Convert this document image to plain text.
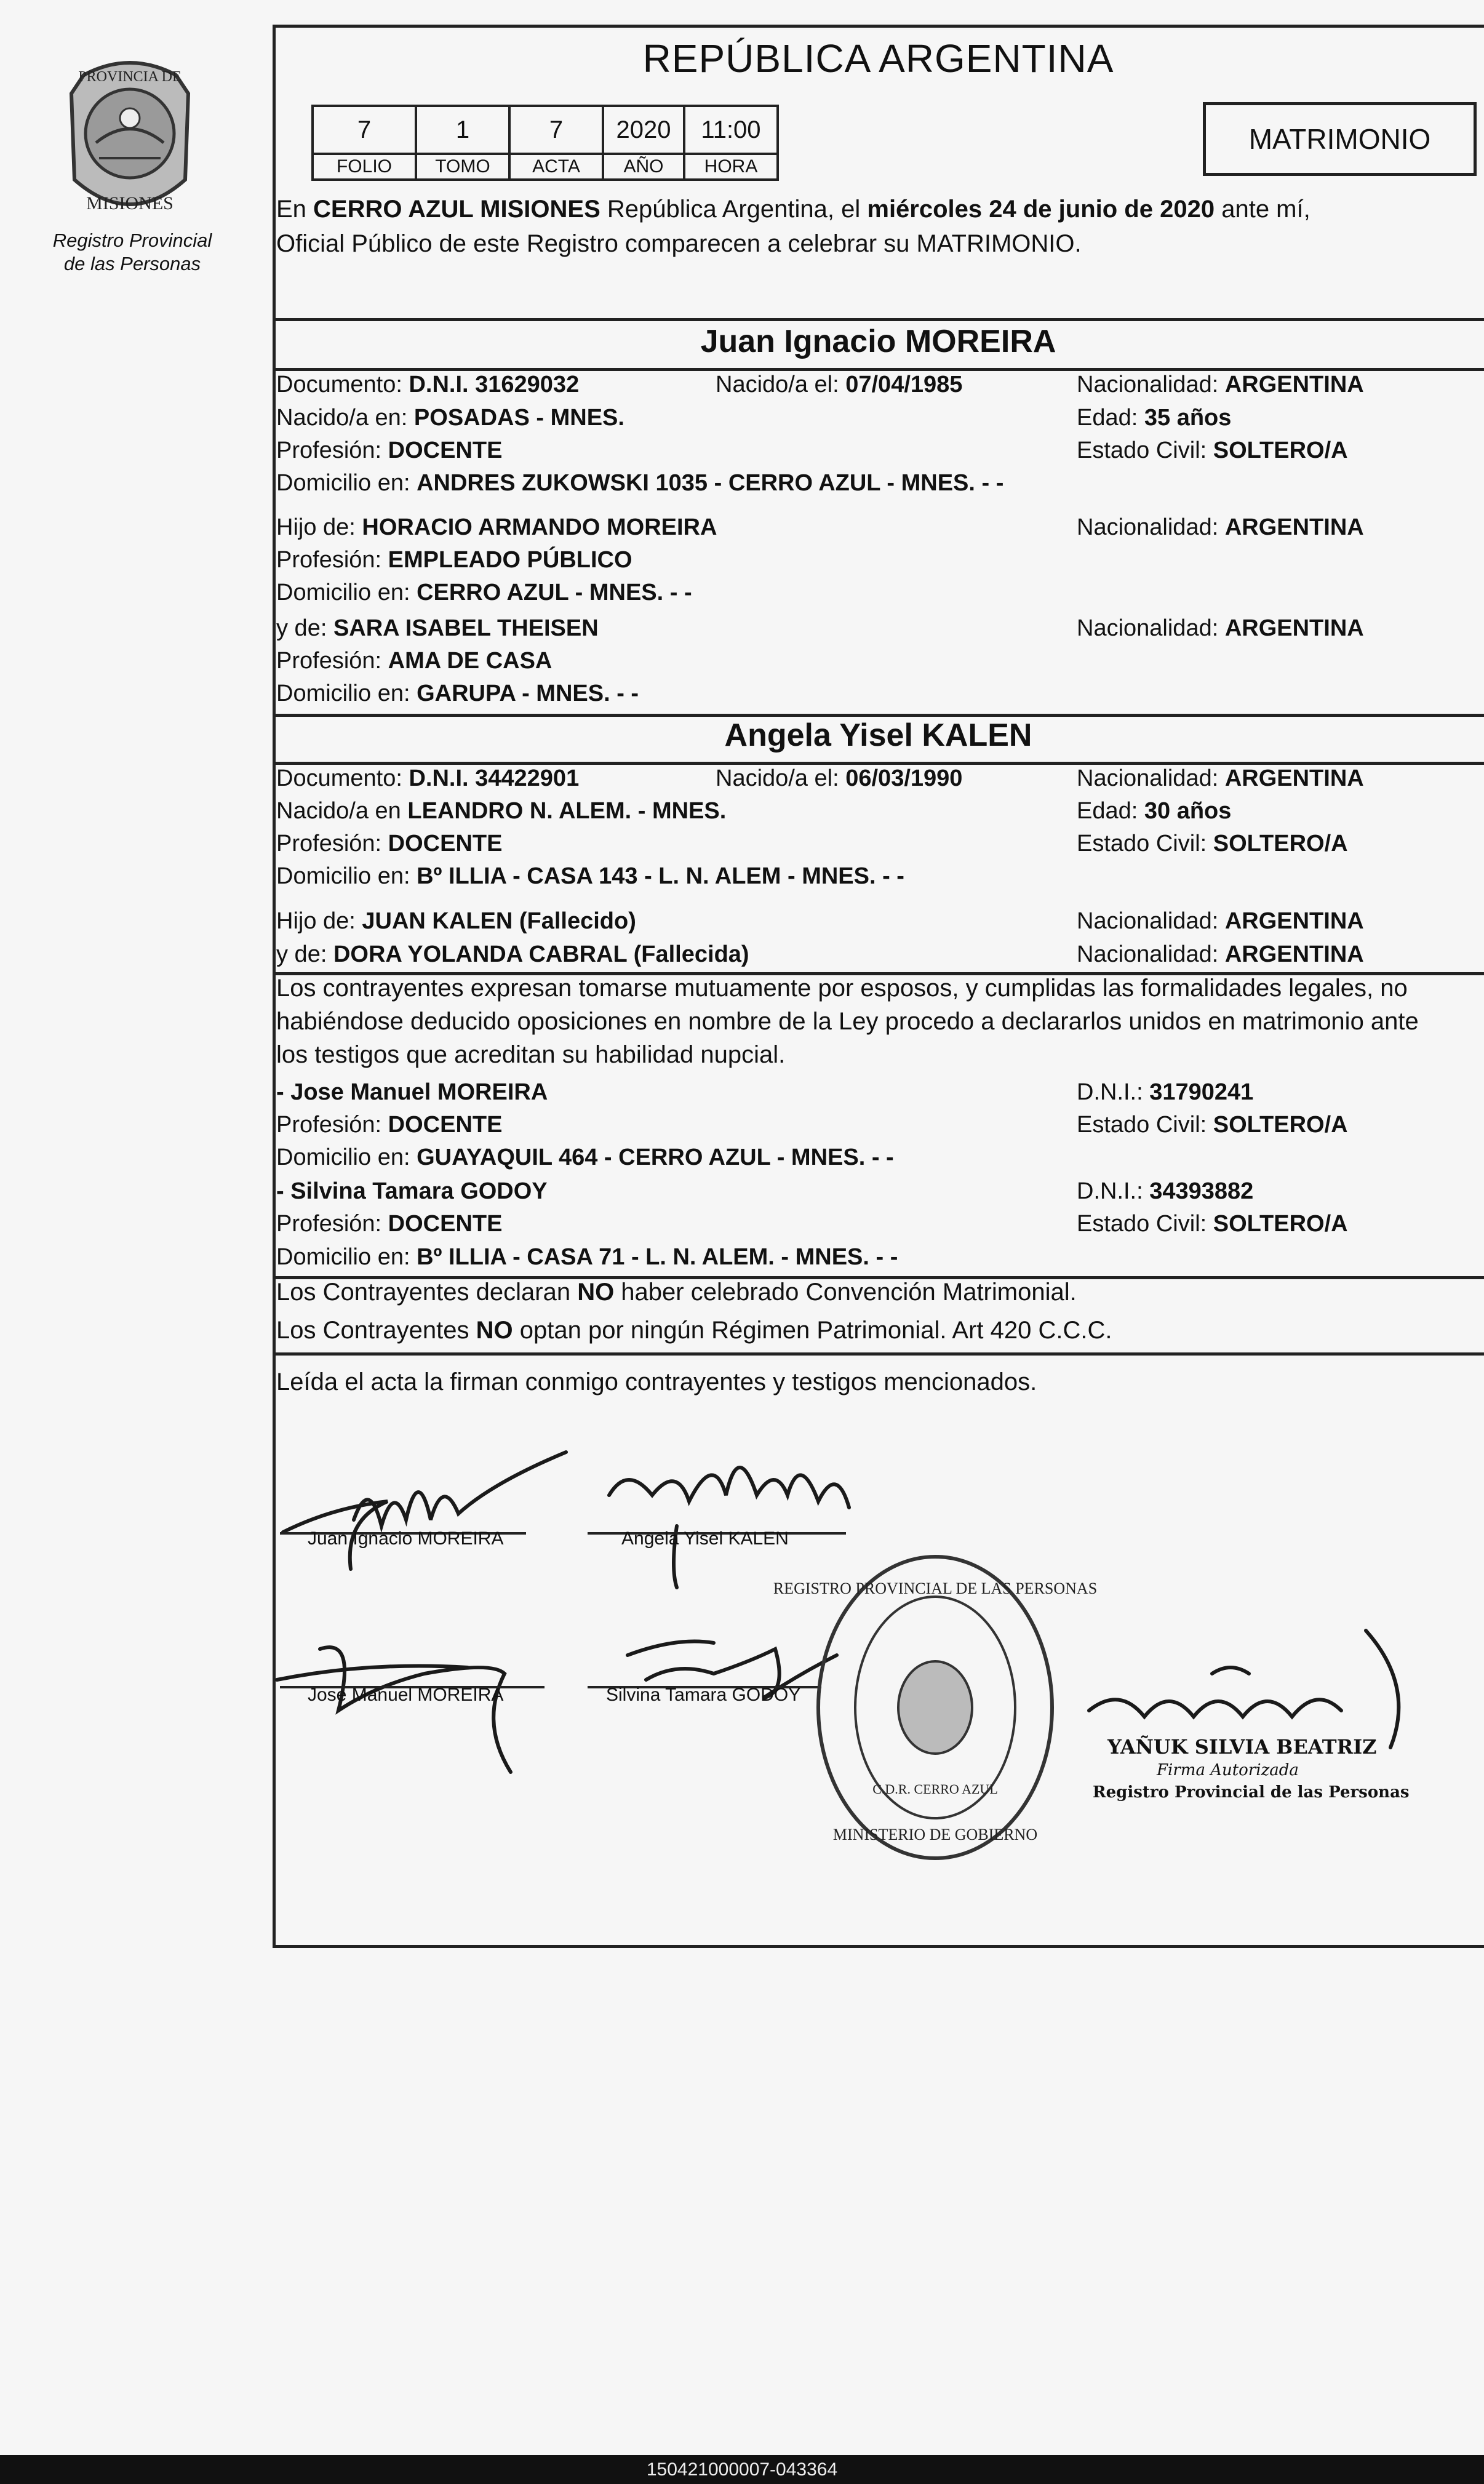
PROVINCIA DE
MISIONES
Registro Provincial
de las Personas
REPÚBLICA ARGENTINA
7	1	7	2020	11:00
FOLIO	TOMO	ACTA	AÑO	HORA
MATRIMONIO
En CERRO AZUL MISIONES República Argentina, el miércoles 24 de junio de 2020 ante mí,
Oficial Público de este Registro comparecen a celebrar su MATRIMONIO.
Juan Ignacio MOREIRA
Documento: D.N.I. 31629032	Nacido/a el: 07/04/1985	Nacionalidad: ARGENTINA
Nacido/a en: POSADAS - MNES.	Edad: 35 años
Profesión: DOCENTE	Estado Civil: SOLTERO/A
Domicilio en: ANDRES ZUKOWSKI 1035 - CERRO AZUL - MNES. - -
Hijo de: HORACIO ARMANDO MOREIRA	Nacionalidad: ARGENTINA
Profesión: EMPLEADO PÚBLICO
Domicilio en: CERRO AZUL - MNES. - -
y de: SARA ISABEL THEISEN	Nacionalidad: ARGENTINA
Profesión: AMA DE CASA
Domicilio en: GARUPA - MNES. - -
Angela Yisel KALEN
Documento: D.N.I. 34422901	Nacido/a el: 06/03/1990	Nacionalidad: ARGENTINA
Nacido/a en LEANDRO N. ALEM. - MNES.	Edad: 30 años
Profesión: DOCENTE	Estado Civil: SOLTERO/A
Domicilio en: Bº ILLIA - CASA 143 - L. N. ALEM - MNES. - -
Hijo de: JUAN KALEN (Fallecido)	Nacionalidad: ARGENTINA
y de: DORA YOLANDA CABRAL (Fallecida)	Nacionalidad: ARGENTINA
Los contrayentes expresan tomarse mutuamente por esposos, y cumplidas las formalidades legales, no
habiéndose deducido oposiciones en nombre de la Ley procedo a declararlos unidos en matrimonio ante
los testigos que acreditan su habilidad nupcial.
- Jose Manuel MOREIRA	D.N.I.: 31790241
Profesión: DOCENTE	Estado Civil: SOLTERO/A
Domicilio en: GUAYAQUIL 464 - CERRO AZUL - MNES. - -
- Silvina Tamara GODOY	D.N.I.: 34393882
Profesión: DOCENTE	Estado Civil: SOLTERO/A
Domicilio en: Bº ILLIA - CASA 71 - L. N. ALEM. - MNES. - -
Los Contrayentes declaran NO haber celebrado Convención Matrimonial.
Los Contrayentes NO optan por ningún Régimen Patrimonial. Art 420 C.C.C.
Leída el acta la firman conmigo contrayentes y testigos mencionados.
Juan Ignacio MOREIRA	Angela Yisel KALEN
Jose Manuel MOREIRA	Silvina Tamara GODOY
REGISTRO PROVINCIAL DE LAS PERSONAS
MINISTERIO DE GOBIERNO
C.D.R. CERRO AZUL
YAÑUK SILVIA BEATRIZ
Firma Autorizada
Registro Provincial de las Personas
150421000007-043364
